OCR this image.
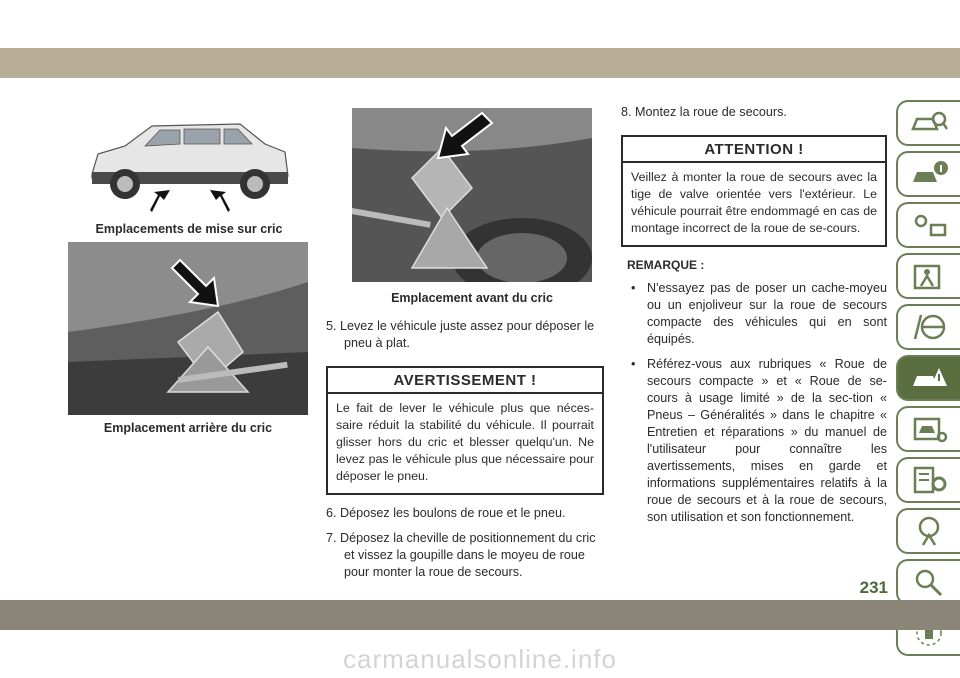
Emplacements de mise sur cric
Emplacement arrière du cric
Emplacement avant du cric

5. Levez le véhicule juste assez pour déposer le pneu à plat.

AVERTISSEMENT !
Le fait de lever le véhicule plus que néces-saire réduit la stabilité du véhicule. Il pourrait glisser hors du cric et blesser quelqu'un. Ne levez pas le véhicule plus que nécessaire pour déposer le pneu.

6. Déposez les boulons de roue et le pneu.

7. Déposez la cheville de positionnement du cric et vissez la goupille dans le moyeu de roue pour monter la roue de secours.

8. Montez la roue de secours.

ATTENTION !
Veillez à monter la roue de secours avec la tige de valve orientée vers l'extérieur. Le véhicule pourrait être endommagé en cas de montage incorrect de la roue de se-cours.

REMARQUE :

• N'essayez pas de poser un cache-moyeu ou un enjoliveur sur la roue de secours compacte des véhicules qui en sont équipés.
• Référez-vous aux rubriques « Roue de secours compacte » et « Roue de se-cours à usage limité » de la sec-tion « Pneus – Généralités » dans le chapitre « Entretien et réparations » du manuel de l'utilisateur pour connaître les avertissements, mises en garde et informations supplémentaires relatifs à la roue de secours et à la roue de secours, son utilisation et son fonctionnement.
231
carmanualsonline.info
